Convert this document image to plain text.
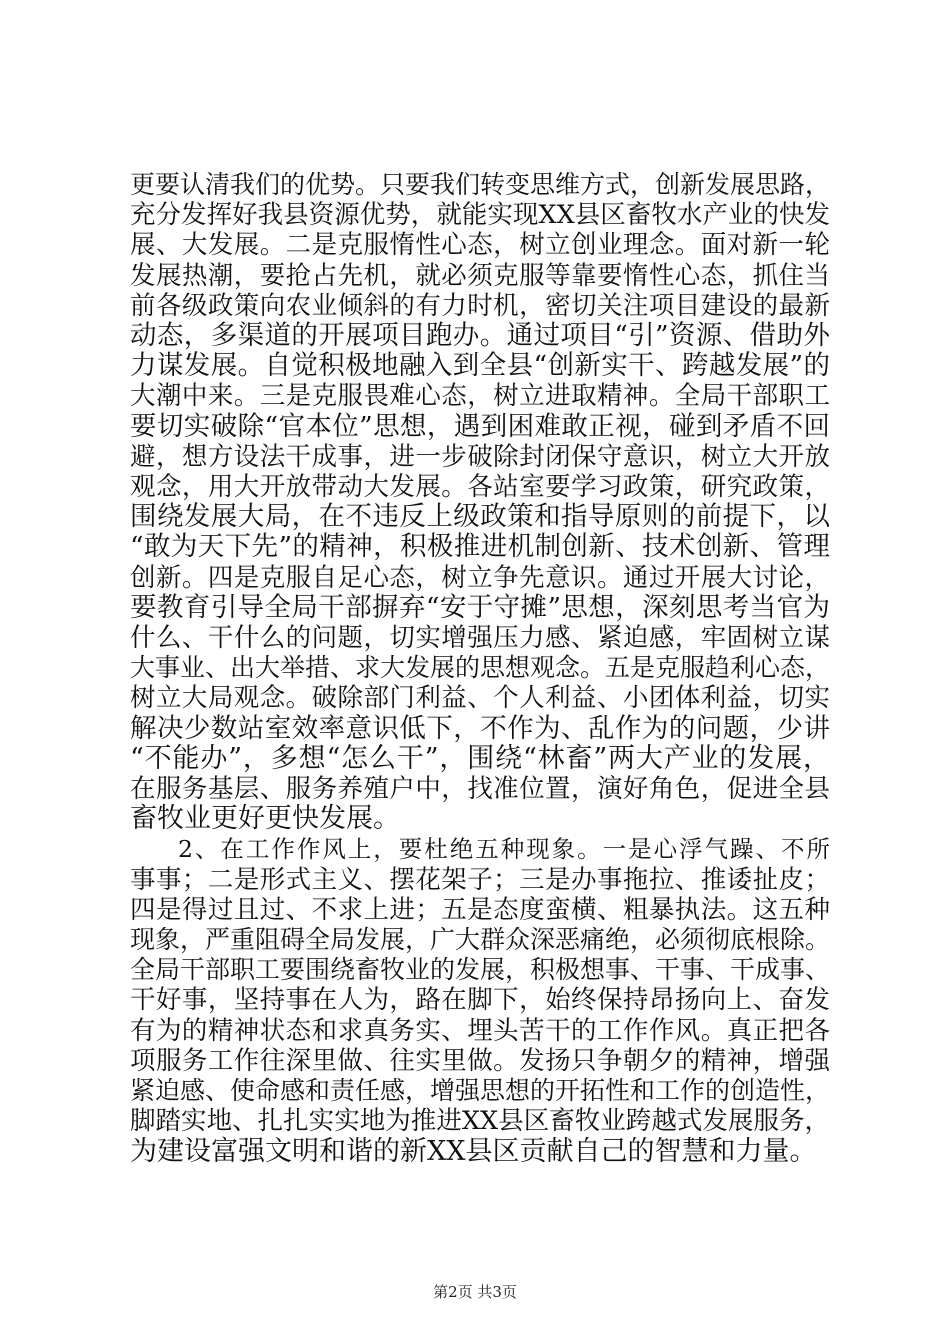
更要认清我们的优势。只要我们转变思维方式，创新发展思路，
充分发挥好我县资源优势，就能实现XX县区畜牧水产业的快发
展、大发展。二是克服惰性心态，树立创业理念。面对新一轮
发展热潮，要抢占先机，就必须克服等靠要惰性心态，抓住当
前各级政策向农业倾斜的有力时机，密切关注项目建设的最新
动态，多渠道的开展项目跑办。通过项目“引”资源、借助外
力谋发展。自觉积极地融入到全县“创新实干、跨越发展”的
大潮中来。三是克服畏难心态，树立进取精神。全局干部职工
要切实破除“官本位”思想，遇到困难敢正视，碰到矛盾不回
避，想方设法干成事，进一步破除封闭保守意识，树立大开放
观念，用大开放带动大发展。各站室要学习政策，研究政策，
围绕发展大局，在不违反上级政策和指导原则的前提下，以
“敢为天下先”的精神，积极推进机制创新、技术创新、管理
创新。四是克服自足心态，树立争先意识。通过开展大讨论，
要教育引导全局干部摒弃“安于守摊”思想，深刻思考当官为
什么、干什么的问题，切实增强压力感、紧迫感，牢固树立谋
大事业、出大举措、求大发展的思想观念。五是克服趋利心态，
树立大局观念。破除部门利益、个人利益、小团体利益，切实
解决少数站室效率意识低下，不作为、乱作为的问题，少讲
“不能办”，多想“怎么干”，围绕“林畜”两大产业的发展，
在服务基层、服务养殖户中，找准位置，演好角色，促进全县
畜牧业更好更快发展。
2、在工作作风上，要杜绝五种现象。一是心浮气躁、不所
事事；二是形式主义、摆花架子；三是办事拖拉、推诿扯皮；
四是得过且过、不求上进；五是态度蛮横、粗暴执法。这五种
现象，严重阻碍全局发展，广大群众深恶痛绝，必须彻底根除。
全局干部职工要围绕畜牧业的发展，积极想事、干事、干成事、
干好事，坚持事在人为，路在脚下，始终保持昂扬向上、奋发
有为的精神状态和求真务实、埋头苦干的工作作风。真正把各
项服务工作往深里做、往实里做。发扬只争朝夕的精神，增强
紧迫感、使命感和责任感，增强思想的开拓性和工作的创造性，
脚踏实地、扎扎实实地为推进XX县区畜牧业跨越式发展服务，
为建设富强文明和谐的新XX县区贡献自己的智慧和力量。
第2页 共3页
